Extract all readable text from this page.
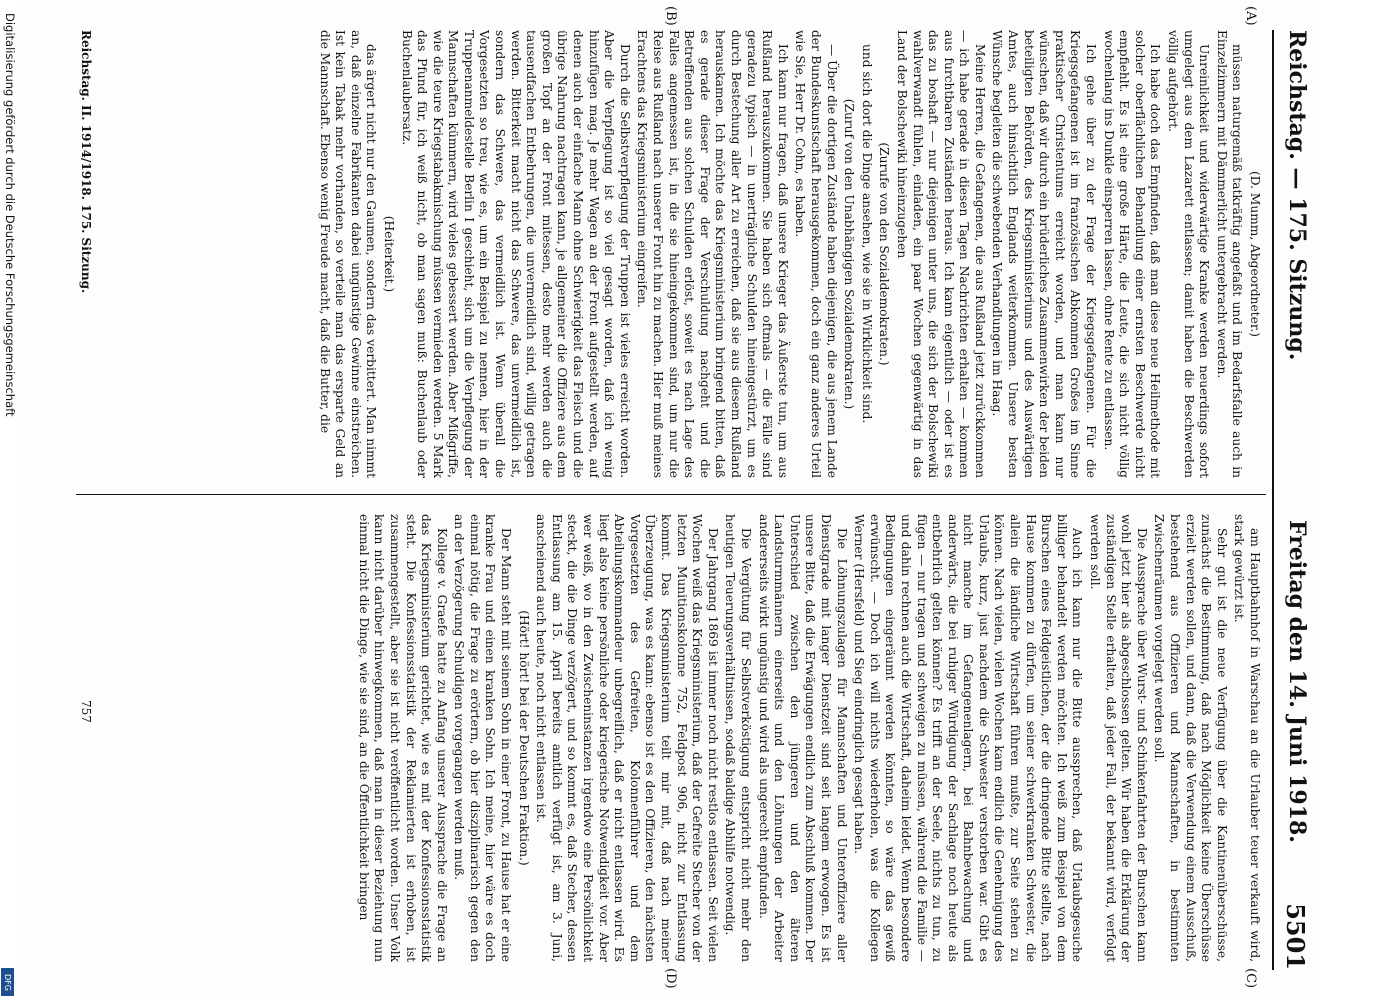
Reichstag. — 175. Sitzung.
5501
Freitag den 14. Juni 1918.
(A)
(B)
(C)
(D)

(D. Mumm, Abgeordneter.)

müssen naturgemäß tatkräftig angefaßt und im Bedarfsfalle auch in Einzelzimmern mit Dämmerlicht untergebracht werden.

Unreinlichkeit und widerwärtige Kranke werden neuerdings sofort umgelegt aus dem Lazarett entlassen; damit haben die Beschwerden völlig aufgehört.

Ich habe doch das Empfinden, daß man diese neue Heilmethode mit solcher oberflächlichen Behandlung einer ernsten Beschwerde nicht empfiehlt. Es ist eine große Härte, die Leute, die sich nicht völlig wochenlang ins Dunkle einsperren lassen, ohne Rente zu entlassen.

Ich gehe über zu der Frage der Kriegsgefangenen. Für die Kriegsgefangenen ist im französischen Abkommen Großes im Sinne praktischer Christentums erreicht worden, und man kann nur wünschen, daß wir durch ein brüderliches Zusammenwirken der beiden beteiligten Behörden, des Kriegsministeriums und des Auswärtigen Amtes, auch hinsichtlich Englands weiterkommen. Unsere besten Wünsche begleiten die schwebenden Verhandlungen im Haag.

Meine Herren, die Gefangenen, die aus Rußland jetzt zurückkommen — ich habe gerade in diesen Tagen Nachrichten erhalten — kommen aus furchtbaren Zuständen heraus. Ich kann eigentlich — oder ist es das zu boshaft — nur diejenigen unter uns, die sich der Bolschewiki wahlverwandt fühlen, einladen, ein paar Wochen gegenwärtig in das Land der Bolschewiki hineinzugehen

(Zurufe von den Sozialdemokraten.)

und sich dort die Dinge ansehen, wie sie in Wirklichkeit sind.

(Zuruf von den Unabhängigen Sozialdemokraten.)

— Über die dortigen Zustände haben diejenigen, die aus jenem Lande der Bundeskunstschaft herausgekommen, doch ein ganz anderes Urteil wie Sie, Herr Dr. Cohn, es haben.

Ich kann nur fragen, daß unsere Krieger das Äußerste tun, um aus Rußland herauszukommen. Sie haben sich oftmals — die Fälle sind geradezu typisch — in unerträgliche Schulden hineingestürzt, um es durch Bestechung aller Art zu erreichen, daß sie aus diesem Rußland herauskamen. Ich möchte das Kriegsministerium bringend bitten, daß es gerade dieser Frage der Verschuldung nachgeht und die Betreffenden aus solchen Schulden erlöst, soweit es nach Lage des Falles angemessen ist, in die sie hineingekommen sind, um nur die Reise aus Rußland nach unserer Front hin zu machen. Hier muß meines Erachtens das Kriegsministerium eingreifen.

Durch die Selbstverpflegung der Truppen ist vieles erreicht worden. Aber die Verpflegung ist so viel gesagt worden, daß ich wenig hinzufügen mag. Je mehr Wagen an der Front aufgestellt werden, auf denen auch der einfache Mann ohne Schwierigkeit das Fleisch und die übrige Nahrung nachtragen kann, je allgemeiner die Offiziere aus dem großen Topf an der Front mitessen, desto mehr werden auch die tausendfachen Entbehrungen, die unvermeidlich sind, willig getragen werden. Bitterkeit macht nicht das Schwere, das unvermeidlich ist, sondern das Schwere, das vermeidlich ist. Wenn überall die Vorgesetzten so treu, wie es, um ein Beispiel zu nennen, hier in der Truppenanmeldestelle Berlin I geschieht, sich um die Verpflegung der Mannschaften kümmern, wird vieles gebessert werden. Aber Mißgriffe, wie die teure Kriegstabakmischung müssen vermieden werden. 5 Mark das Pfund für, ich weiß nicht, ob man sagen muß: Buchenlaub oder Buchenlaubersatz.

(Heiterkeit.)

das ärgert nicht nur den Gaumen, sondern das verbittert. Man nimmt an, daß einzelne Fabrikanten dabei ungünstige Gewinne einstreichen. Ist kein Tabak mehr vorhanden, so verteile man das ersparte Geld an die Mannschaft. Ebenso wenig Freude macht, daß die Butter, die

am Hauptbahnhof in Warschau an die Urlauber teuer verkauft wird, stark gewürzt ist.

Sehr gut ist die neue Verfügung über die Kantinenüberschüsse, zunächst die Bestimmung, daß nach Möglichkeit keine Überschüsse erzielt werden sollen, und dann, daß die Verwendung einem Ausschuß, bestehend aus Offizieren und Mannschaften, in bestimmten Zwischenräumen vorgelegt werden soll.

Die Aussprache über Wurst- und Schinkenfahrten der Burschen kann wohl jetzt hier als abgeschlossen gelten. Wir haben die Erklärung der zuständigen Stelle erhalten, daß jeder Fall, der bekannt wird, verfolgt werden soll.

Auch ich kann nur die Bitte aussprechen, daß Urlaubsgesuche billiger behandelt werden möchten. Ich weiß zum Beispiel von dem Burschen eines Feldgeistlichen, der die dringende Bitte stellte, nach Hause kommen zu dürfen, um seiner schwerkranken Schwester, die allein die ländliche Wirtschaft führen mußte, zur Seite stehen zu können. Nach vielen, vielen Wochen kam endlich die Genehmigung des Urlaubs, kurz, just nachdem die Schwester verstorben war. Gibt es nicht manche im Gefangenenlagern, bei Bahnbewachung und anderwärts, die bei ruhiger Würdigung der Sachlage noch heute als entbehrlich gelten können? Es trifft an der Seele, nichts zu tun, zu fügen — nur tragen und schweigen zu müssen, während die Familie — und dahin rechnen auch die Wirtschaft, daheim leidet. Wenn besondere Bedingungen eingeräumt werden könnten, so wäre das gewiß erwünscht. — Doch ich will nichts wiederholen, was die Kollegen Werner (Hersfeld) und Sieg eindringlich gesagt haben.

Die Löhnungszulagen für Mannschaften und Unteroffiziere aller Dienstgrade mit langer Dienstzeit sind seit langem erwogen. Es ist unsere Bitte, daß die Erwägungen endlich zum Abschluß kommen. Der Unterschied zwischen den jüngeren und den älteren Landsturmmännern einerseits und den Löhnungen der Arbeiter andererseits wirkt ungünstig und wird als ungerecht empfunden.

Die Vergütung für Selbstverköstigung entspricht nicht mehr den heutigen Teuerungsverhältnissen, sodaß baldige Abhilfe notwendig.

Der Jahrgang 1869 ist immer noch nicht restlos entlassen. Seit vielen Wochen weiß das Kriegsministerium, daß der Gefreite Stecher von der letzten Munitionskolonne 752, Feldpost 906, nicht zur Entlassung kommt. Das Kriegsministerium teilt mir mit, daß nach meiner Überzeugung, was es kann: ebenso ist es den Offizieren, den nächsten Vorgesetzten des Gefreiten, Kolonnenführer und dem Abteilungskommandeur unbegreiflich, daß er nicht entlassen wird. Es liegt also keine persönliche oder kriegerische Notwendigkeit vor. Aber wer weiß, wo in den Zwischeninstanzen irgendwo eine Persönlichkeit steckt, die die Dinge verzögert, und so kommt es, daß Stecher, dessen Entlassung am 15. April bereits amtlich verfügt ist, am 3. Juni, anscheinend auch heute, noch nicht entlassen ist.

(Hört! hört! bei der Deutschen Fraktion.)

Der Mann steht mit seinem Sohn in einer Front, zu Hause hat er eine kranke Frau und einen kranken Sohn. Ich meine, hier wäre es doch einmal nötig, die Frage zu erörtern, ob hier disziplinarisch gegen den an der Verzögerung Schuldigen vorgegangen werden muß.

Kollege v. Graefe hatte zu Anfang unserer Aussprache die Frage an das Kriegsministerium gerichtet, wie es mit der Konfessionsstatistik steht. Die Konfessionsstatistik der Reklamierten ist erhoben, ist zusammengestellt, aber sie ist nicht veröffentlicht worden. Unser Volk kann nicht darüber hinwegkommen, daß man in dieser Beziehung nun einmal nicht die Dinge, wie sie sind, an die Öffentlichkeit bringen

Reichstag. II. 1914/1918. 175. Sitzung.
757
Digitalisierung gefördert durch die Deutsche Forschungsgemeinschaft
DFG
